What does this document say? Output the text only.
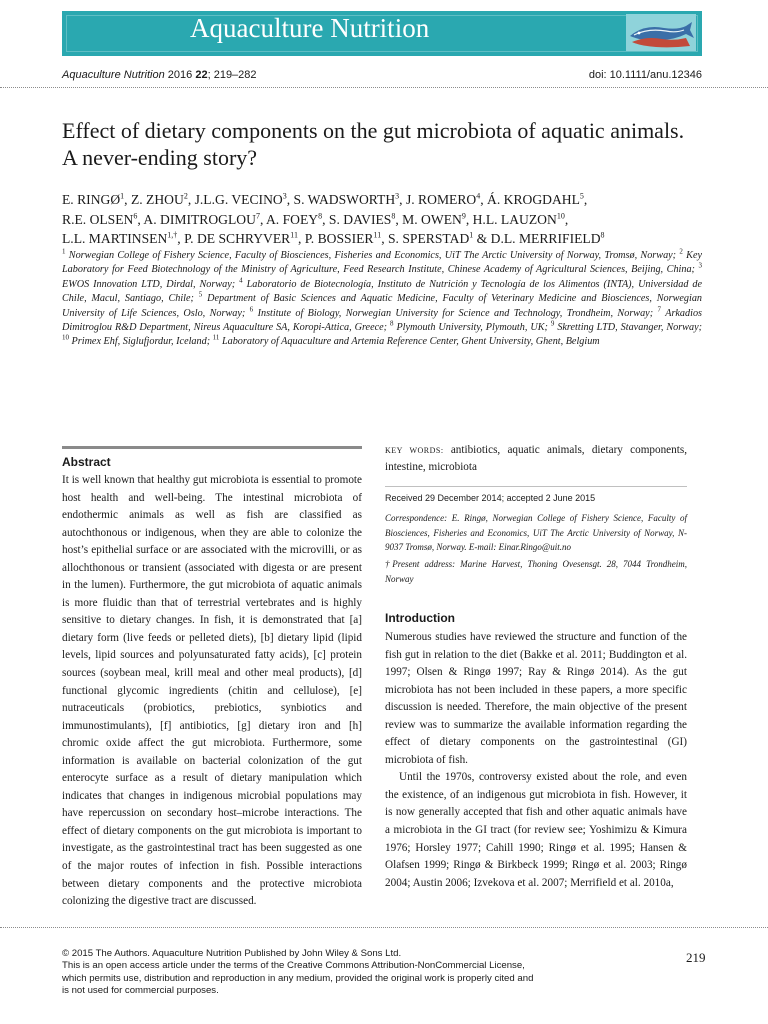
Aquaculture Nutrition
Aquaculture Nutrition 2016 22; 219–282	doi: 10.1111/anu.12346
Effect of dietary components on the gut microbiota of aquatic animals. A never-ending story?
E. RINGØ$^1$, Z. ZHOU$^2$, J.L.G. VECINO$^3$, S. WADSWORTH$^3$, J. ROMERO$^4$, Á. KROGDAHL$^5$,
R.E. OLSEN$^6$, A. DIMITROGLOU$^7$, A. FOEY$^8$, S. DAVIES$^8$, M. OWEN$^9$, H.L. LAUZON$^{10}$,
L.L. $MARTINSEN^{1,\dagger}$, P. DE SCHRYVER$^{11}$, P. BOSSIER$^{11}$, S. SPERSTAD$^1$ & D.L. MERRIFIELD$^8$
$^1$ Norwegian College of Fishery Science, Faculty of Biosciences, Fisheries and Economics, UiT The Arctic University of Norway, Tromsø, Norway; $^2$ Key Laboratory for Feed Biotechnology of the Ministry of Agriculture, Feed Research Institute, Chinese Academy of Agricultural Sciences, Beijing, China; $^3$ EWOS Innovation LTD, Dirdal, Norway; $^4$ Laboratorio de Biotecnología, Instituto de Nutrición y Tecnología de los Alimentos (INTA), Universidad de Chile, Macul, Santiago, Chile; $^5$ Department of Basic Sciences and Aquatic Medicine, Faculty of Veterinary Medicine and Biosciences, Norwegian University of Life Sciences, Oslo, Norway; $^6$ Institute of Biology, Norwegian University for Science and Technology, Trondheim, Norway; $^7$ Arkadios Dimitroglou R&D Department, Nireus Aquaculture SA, Koropi-Attica, Greece; $^8$ Plymouth University, Plymouth, UK; $^9$ Skretting LTD, Stavanger, Norway; $^{10}$ Primex Ehf, Siglufjordur, Iceland; $^{11}$ Laboratory of Aquaculture and Artemia Reference Center, Ghent University, Ghent, Belgium
Abstract

It is well known that healthy gut microbiota is essential to promote host health and well-being. The intestinal microbiota of endothermic animals as well as fish are classified as autochthonous or indigenous, when they are able to colonize the host’s epithelial surface or are associated with the microvilli, or as allochthonous or transient (associated with digesta or are present in the lumen). Furthermore, the gut microbiota of aquatic animals is more fluidic than that of terrestrial vertebrates and is highly sensitive to dietary changes. In fish, it is demonstrated that [a] dietary form (live feeds or pelleted diets), [b] dietary lipid (lipid levels, lipid sources and polyunsaturated fatty acids), [c] protein sources (soybean meal, krill meal and other meal products), [d] functional glycomic ingredients (chitin and cellulose), [e] nutraceuticals (probiotics, prebiotics, synbiotics and immunostimulants), [f] antibiotics, [g] dietary iron and [h] chromic oxide affect the gut microbiota. Furthermore, some information is available on bacterial colonization of the gut enterocyte surface as a result of dietary manipulation which indicates that changes in indigenous microbial populations may have repercussion on secondary host–microbe interactions. The effect of dietary components on the gut microbiota is important to investigate, as the gastrointestinal tract has been suggested as one of the major routes of infection in fish. Possible interactions between dietary components and the protective microbiota colonizing the digestive tract are discussed.

KEY WORDS: antibiotics, aquatic animals, dietary components, intestine, microbiota
Received 29 December 2014; accepted 2 June 2015
Correspondence: E. Ringø, Norwegian College of Fishery Science, Faculty of Biosciences, Fisheries and Economics, UiT The Arctic University of Norway, N-9037 Tromsø, Norway. E-mail: Einar.Ringo@uit.no
†Present address: Marine Harvest, Thoning Ovesensgt. 28, 7044 Trondheim, Norway
Introduction

Numerous studies have reviewed the structure and function of the fish gut in relation to the diet (Bakke et al. 2011; Buddington et al. 1997; Olsen & Ringø 1997; Ray & Ringø 2014). As the gut microbiota has not been included in these papers, a more specific discussion is needed. Therefore, the main objective of the present review was to summarize the available information regarding the effect of dietary components on the gastrointestinal (GI) microbiota of fish.

Until the 1970s, controversy existed about the role, and even the existence, of an indigenous gut microbiota in fish. However, it is now generally accepted that fish and other aquatic animals have a microbiota in the GI tract (for review see; Yoshimizu & Kimura 1976; Horsley 1977; Cahill 1990; Ringø et al. 1995; Hansen & Olafsen 1999; Ringø & Birkbeck 1999; Ringø et al. 2003; Ringø 2004; Austin 2006; Izvekova et al. 2007; Merrifield et al. 2010a,

© 2015 The Authors. Aquaculture Nutrition Published by John Wiley & Sons Ltd.
This is an open access article under the terms of the Creative Commons Attribution-NonCommercial License,
which permits use, distribution and reproduction in any medium, provided the original work is properly cited and
is not used for commercial purposes.
219
